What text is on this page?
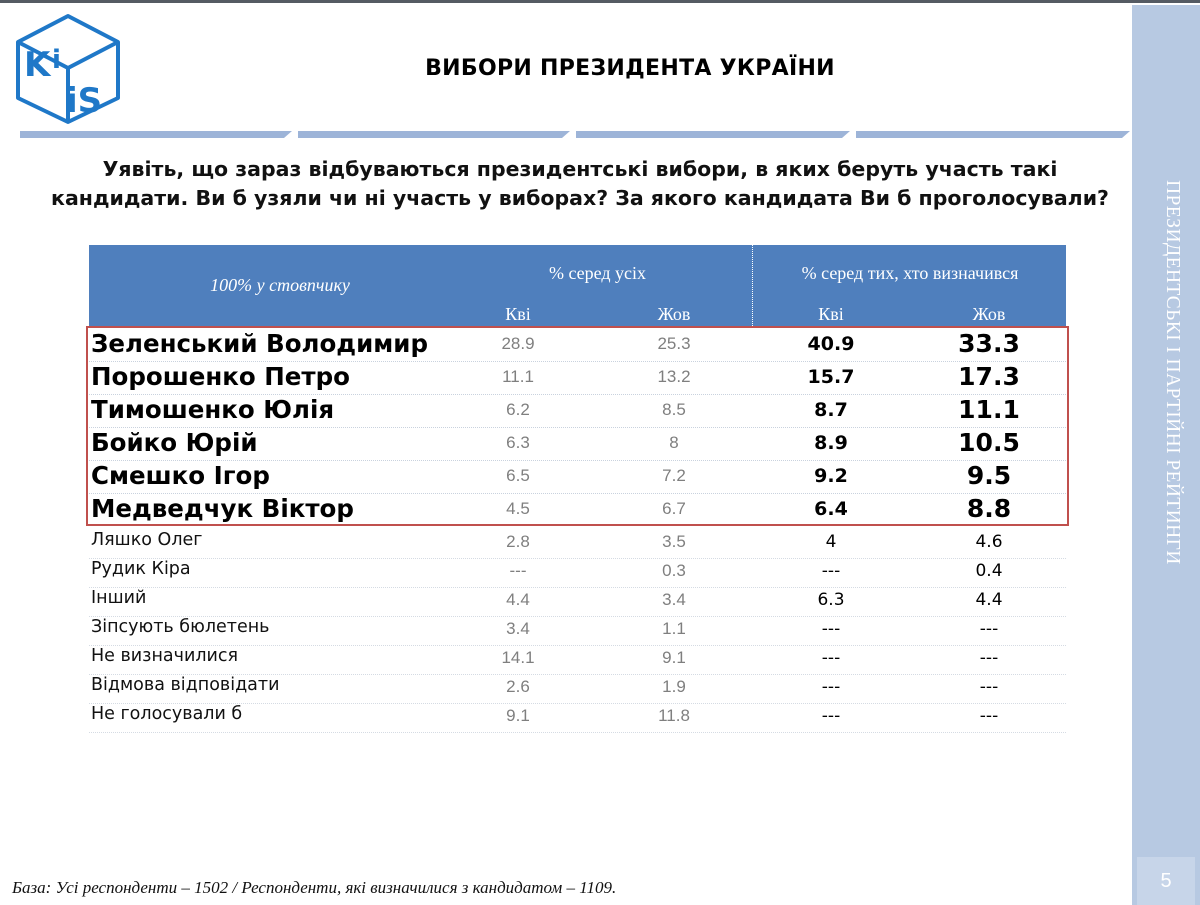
K i
iS
ВИБОРИ ПРЕЗИДЕНТА УКРАЇНИ
Уявіть, що зараз відбуваються президентські вибори, в яких беруть участь такі кандидати. Ви б узяли чи ні участь у виборах? За якого кандидата Ви б проголосували?	ПРЕЗИДЕНТСЬКІ І ПАРТІЙНІ РЕЙТИНГИ
5
100% у стовпчику
% серед усіх	% серед тих, хто визначився
Кві	Жов	Кві	Жов
Зеленський Володимир	28.9	25.3	40.9	33.3
Порошенко Петро	11.1	13.2	15.7	17.3
Тимошенко Юлія	6.2	8.5	8.7	11.1
Бойко Юрій	6.3	8	8.9	10.5
Смешко Ігор	6.5	7.2	9.2	9.5
Медведчук Віктор	4.5	6.7	6.4	8.8
Ляшко Олег	2.8	3.5	4	4.6
Рудик Кіра	---	0.3	---	0.4
Інший	4.4	3.4	6.3	4.4
Зіпсують бюлетень	3.4	1.1	---	---
Не визначилися	14.1	9.1	---	---
Відмова відповідати	2.6	1.9	---	---
Не голосували б	9.1	11.8	---	---
База: Усі респонденти – 1502 / Респонденти, які визначилися з кандидатом – 1109.
